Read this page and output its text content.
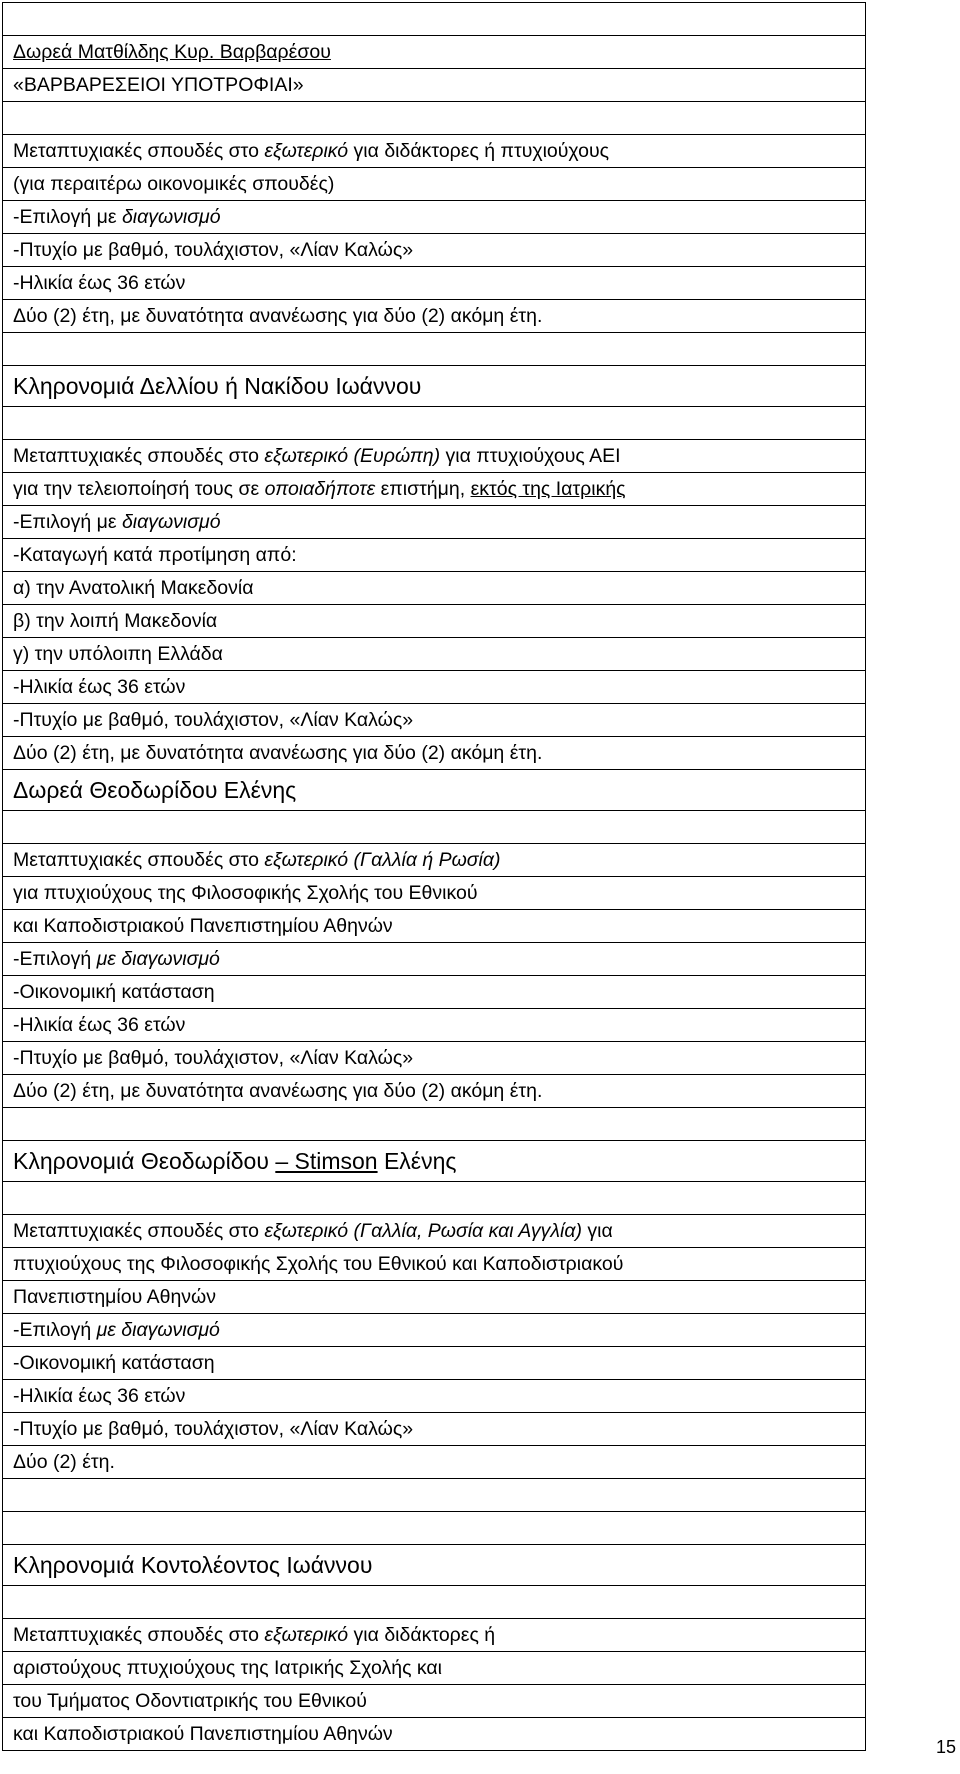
Δωρεά Ματθίλδης Κυρ. Βαρβαρέσου
«ΒΑΡΒΑΡΕΣΕΙΟΙ ΥΠΟΤΡΟΦΙΑΙ»

Μεταπτυχιακές σπουδές στο εξωτερικό για διδάκτορες ή πτυχιούχους
(για περαιτέρω οικονομικές σπουδές)
-Επιλογή με διαγωνισμό
-Πτυχίο με βαθμό, τουλάχιστον, «Λίαν Καλώς»
-Ηλικία έως 36 ετών
Δύο (2) έτη, με δυνατότητα ανανέωσης για δύο (2) ακόμη έτη.

Κληρονομιά Δελλίου ή Νακίδου Ιωάννου

Μεταπτυχιακές σπουδές στο εξωτερικό (Ευρώπη) για πτυχιούχους ΑΕΙ
για την τελειοποίησή τους σε οποιαδήποτε επιστήμη, εκτός της Ιατρικής
-Επιλογή με διαγωνισμό
-Καταγωγή κατά προτίμηση από:
α) την Ανατολική Μακεδονία
β) την λοιπή Μακεδονία
γ) την υπόλοιπη Ελλάδα
-Ηλικία έως 36 ετών
-Πτυχίο με βαθμό, τουλάχιστον, «Λίαν Καλώς»
Δύο (2) έτη, με δυνατότητα ανανέωσης για δύο (2) ακόμη έτη.
Δωρεά Θεοδωρίδου Ελένης

Μεταπτυχιακές σπουδές στο εξωτερικό (Γαλλία ή Ρωσία)
για πτυχιούχους της Φιλοσοφικής Σχολής του Εθνικού
και Καποδιστριακού Πανεπιστημίου Αθηνών
-Επιλογή με διαγωνισμό
-Οικονομική κατάσταση
-Ηλικία έως 36 ετών
-Πτυχίο με βαθμό, τουλάχιστον, «Λίαν Καλώς»
Δύο (2) έτη, με δυνατότητα ανανέωσης για δύο (2) ακόμη έτη.

Κληρονομιά Θεοδωρίδου – Stimson Ελένης

Μεταπτυχιακές σπουδές στο εξωτερικό (Γαλλία, Ρωσία και Αγγλία) για
πτυχιούχους της Φιλοσοφικής Σχολής του Εθνικού και Καποδιστριακού
Πανεπιστημίου Αθηνών
-Επιλογή με διαγωνισμό
-Οικονομική κατάσταση
-Ηλικία έως 36 ετών
-Πτυχίο με βαθμό, τουλάχιστον, «Λίαν Καλώς»
Δύο (2) έτη.

Κληρονομιά Κοντολέοντος Ιωάννου

Μεταπτυχιακές σπουδές στο εξωτερικό για διδάκτορες ή
αριστούχους πτυχιούχους της Ιατρικής Σχολής και
του Τμήματος Οδοντιατρικής του Εθνικού
και Καποδιστριακού Πανεπιστημίου Αθηνών
15
